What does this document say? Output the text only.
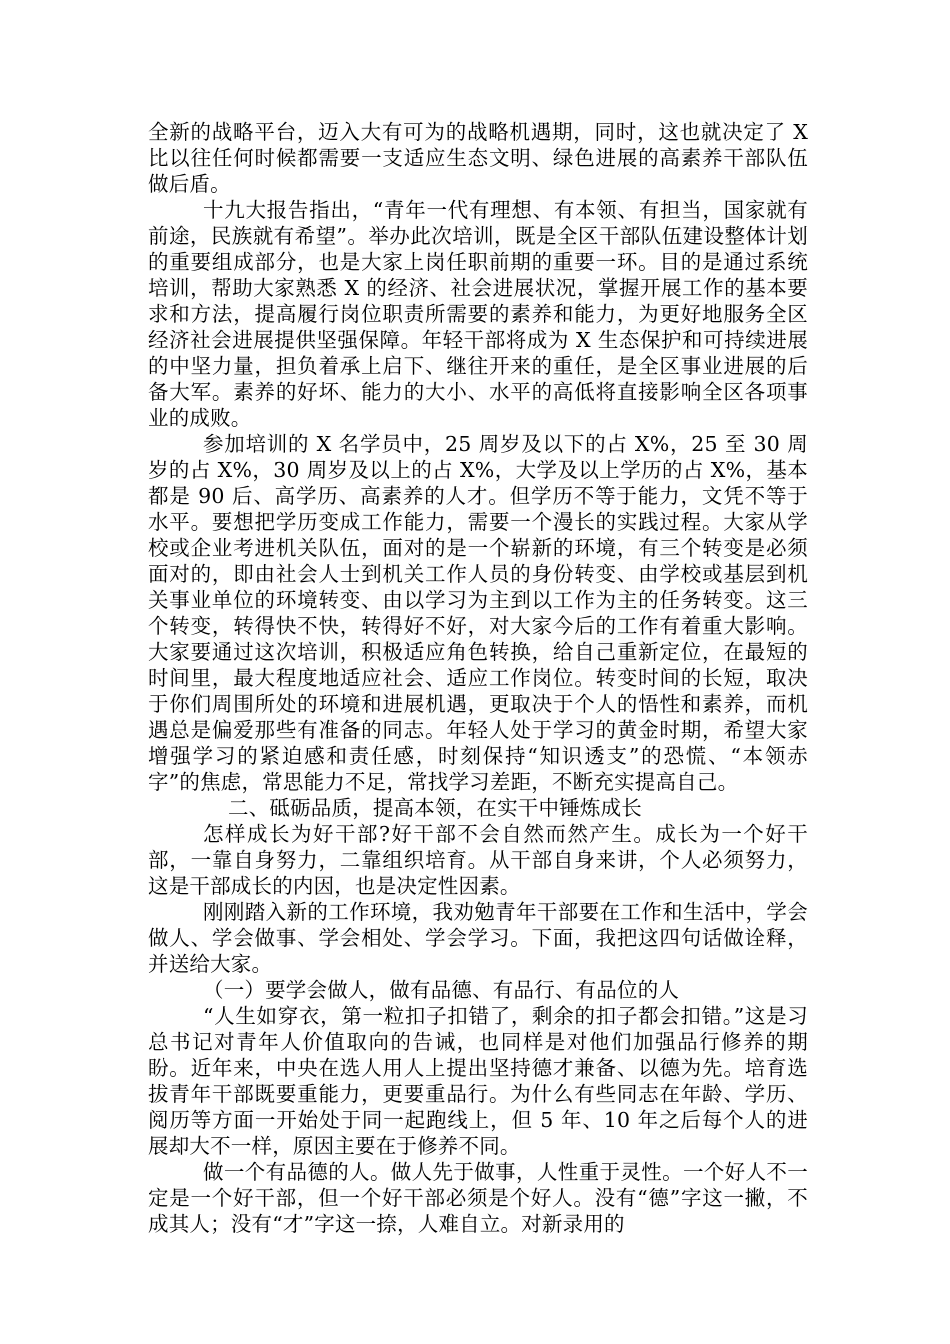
全新的战略平台，迈入大有可为的战略机遇期，同时，这也就决定了 X 比以往任何时候都需要一支适应生态文明、绿色进展的高素养干部队伍做后盾。

十九大报告指出，“青年一代有理想、有本领、有担当，国家就有前途，民族就有希望”。举办此次培训，既是全区干部队伍建设整体计划的重要组成部分，也是大家上岗任职前期的重要一环。目的是通过系统培训，帮助大家熟悉 X 的经济、社会进展状况，掌握开展工作的基本要求和方法，提高履行岗位职责所需要的素养和能力，为更好地服务全区经济社会进展提供坚强保障。年轻干部将成为 X 生态保护和可持续进展的中坚力量，担负着承上启下、继往开来的重任，是全区事业进展的后备大军。素养的好坏、能力的大小、水平的高低将直接影响全区各项事业的成败。

参加培训的 X 名学员中，25 周岁及以下的占 X%，25 至 30 周岁的占 X%，30 周岁及以上的占 X%，大学及以上学历的占 X%，基本都是 90 后、高学历、高素养的人才。但学历不等于能力，文凭不等于水平。要想把学历变成工作能力，需要一个漫长的实践过程。大家从学校或企业考进机关队伍，面对的是一个崭新的环境，有三个转变是必须面对的，即由社会人士到机关工作人员的身份转变、由学校或基层到机关事业单位的环境转变、由以学习为主到以工作为主的任务转变。这三个转变，转得快不快，转得好不好，对大家今后的工作有着重大影响。大家要通过这次培训，积极适应角色转换，给自己重新定位，在最短的时间里，最大程度地适应社会、适应工作岗位。转变时间的长短，取决于你们周围所处的环境和进展机遇，更取决于个人的悟性和素养，而机遇总是偏爱那些有准备的同志。年轻人处于学习的黄金时期，希望大家增强学习的紧迫感和责任感，时刻保持“知识透支”的恐慌、“本领赤字”的焦虑，常思能力不足，常找学习差距，不断充实提高自己。

二、砥砺品质，提高本领，在实干中锤炼成长

怎样成长为好干部?好干部不会自然而然产生。成长为一个好干部，一靠自身努力，二靠组织培育。从干部自身来讲，个人必须努力，这是干部成长的内因，也是决定性因素。

刚刚踏入新的工作环境，我劝勉青年干部要在工作和生活中，学会做人、学会做事、学会相处、学会学习。下面，我把这四句话做诠释，并送给大家。

（一）要学会做人，做有品德、有品行、有品位的人

“人生如穿衣，第一粒扣子扣错了，剩余的扣子都会扣错。”这是习总书记对青年人价值取向的告诫，也同样是对他们加强品行修养的期盼。近年来，中央在选人用人上提出坚持德才兼备、以德为先。培育选拔青年干部既要重能力，更要重品行。为什么有些同志在年龄、学历、阅历等方面一开始处于同一起跑线上，但 5 年、10 年之后每个人的进展却大不一样，原因主要在于修养不同。

做一个有品德的人。做人先于做事，人性重于灵性。一个好人不一定是一个好干部，但一个好干部必须是个好人。没有“德”字这一撇，不成其人；没有“才”字这一捺，人难自立。对新录用的
